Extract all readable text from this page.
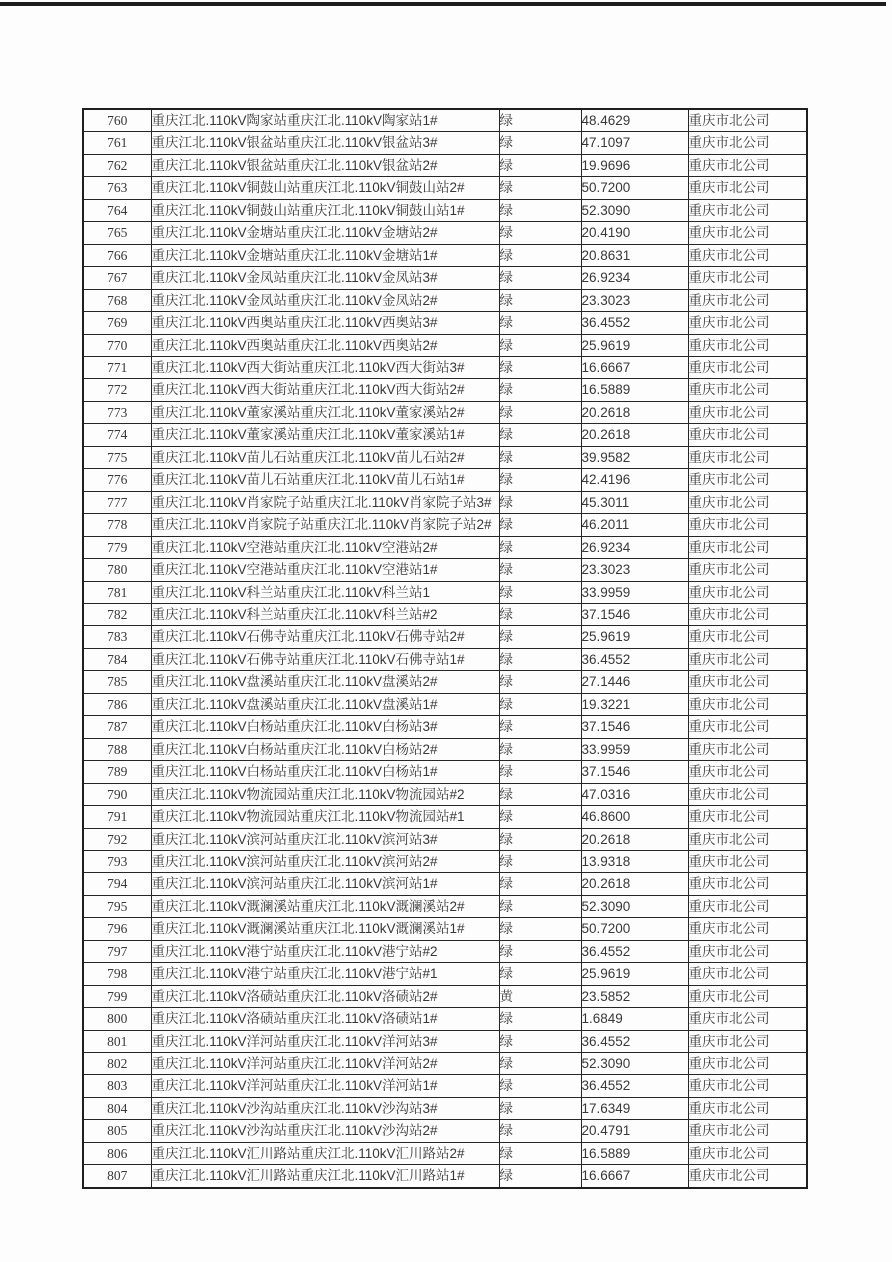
760	重庆江北.110kV陶家站重庆江北.110kV陶家站1#	绿	48.4629	重庆市北公司
761	重庆江北.110kV银盆站重庆江北.110kV银盆站3#	绿	47.1097	重庆市北公司
762	重庆江北.110kV银盆站重庆江北.110kV银盆站2#	绿	19.9696	重庆市北公司
763	重庆江北.110kV铜鼓山站重庆江北.110kV铜鼓山站2#	绿	50.7200	重庆市北公司
764	重庆江北.110kV铜鼓山站重庆江北.110kV铜鼓山站1#	绿	52.3090	重庆市北公司
765	重庆江北.110kV金塘站重庆江北.110kV金塘站2#	绿	20.4190	重庆市北公司
766	重庆江北.110kV金塘站重庆江北.110kV金塘站1#	绿	20.8631	重庆市北公司
767	重庆江北.110kV金凤站重庆江北.110kV金凤站3#	绿	26.9234	重庆市北公司
768	重庆江北.110kV金凤站重庆江北.110kV金凤站2#	绿	23.3023	重庆市北公司
769	重庆江北.110kV西奥站重庆江北.110kV西奥站3#	绿	36.4552	重庆市北公司
770	重庆江北.110kV西奥站重庆江北.110kV西奥站2#	绿	25.9619	重庆市北公司
771	重庆江北.110kV西大街站重庆江北.110kV西大街站3#	绿	16.6667	重庆市北公司
772	重庆江北.110kV西大街站重庆江北.110kV西大街站2#	绿	16.5889	重庆市北公司
773	重庆江北.110kV董家溪站重庆江北.110kV董家溪站2#	绿	20.2618	重庆市北公司
774	重庆江北.110kV董家溪站重庆江北.110kV董家溪站1#	绿	20.2618	重庆市北公司
775	重庆江北.110kV苗儿石站重庆江北.110kV苗儿石站2#	绿	39.9582	重庆市北公司
776	重庆江北.110kV苗儿石站重庆江北.110kV苗儿石站1#	绿	42.4196	重庆市北公司
777	重庆江北.110kV肖家院子站重庆江北.110kV肖家院子站3#	绿	45.3011	重庆市北公司
778	重庆江北.110kV肖家院子站重庆江北.110kV肖家院子站2#	绿	46.2011	重庆市北公司
779	重庆江北.110kV空港站重庆江北.110kV空港站2#	绿	26.9234	重庆市北公司
780	重庆江北.110kV空港站重庆江北.110kV空港站1#	绿	23.3023	重庆市北公司
781	重庆江北.110kV科兰站重庆江北.110kV科兰站1	绿	33.9959	重庆市北公司
782	重庆江北.110kV科兰站重庆江北.110kV科兰站#2	绿	37.1546	重庆市北公司
783	重庆江北.110kV石佛寺站重庆江北.110kV石佛寺站2#	绿	25.9619	重庆市北公司
784	重庆江北.110kV石佛寺站重庆江北.110kV石佛寺站1#	绿	36.4552	重庆市北公司
785	重庆江北.110kV盘溪站重庆江北.110kV盘溪站2#	绿	27.1446	重庆市北公司
786	重庆江北.110kV盘溪站重庆江北.110kV盘溪站1#	绿	19.3221	重庆市北公司
787	重庆江北.110kV白杨站重庆江北.110kV白杨站3#	绿	37.1546	重庆市北公司
788	重庆江北.110kV白杨站重庆江北.110kV白杨站2#	绿	33.9959	重庆市北公司
789	重庆江北.110kV白杨站重庆江北.110kV白杨站1#	绿	37.1546	重庆市北公司
790	重庆江北.110kV物流园站重庆江北.110kV物流园站#2	绿	47.0316	重庆市北公司
791	重庆江北.110kV物流园站重庆江北.110kV物流园站#1	绿	46.8600	重庆市北公司
792	重庆江北.110kV滨河站重庆江北.110kV滨河站3#	绿	20.2618	重庆市北公司
793	重庆江北.110kV滨河站重庆江北.110kV滨河站2#	绿	13.9318	重庆市北公司
794	重庆江北.110kV滨河站重庆江北.110kV滨河站1#	绿	20.2618	重庆市北公司
795	重庆江北.110kV溉澜溪站重庆江北.110kV溉澜溪站2#	绿	52.3090	重庆市北公司
796	重庆江北.110kV溉澜溪站重庆江北.110kV溉澜溪站1#	绿	50.7200	重庆市北公司
797	重庆江北.110kV港宁站重庆江北.110kV港宁站#2	绿	36.4552	重庆市北公司
798	重庆江北.110kV港宁站重庆江北.110kV港宁站#1	绿	25.9619	重庆市北公司
799	重庆江北.110kV洛碛站重庆江北.110kV洛碛站2#	黄	23.5852	重庆市北公司
800	重庆江北.110kV洛碛站重庆江北.110kV洛碛站1#	绿	1.6849	重庆市北公司
801	重庆江北.110kV洋河站重庆江北.110kV洋河站3#	绿	36.4552	重庆市北公司
802	重庆江北.110kV洋河站重庆江北.110kV洋河站2#	绿	52.3090	重庆市北公司
803	重庆江北.110kV洋河站重庆江北.110kV洋河站1#	绿	36.4552	重庆市北公司
804	重庆江北.110kV沙沟站重庆江北.110kV沙沟站3#	绿	17.6349	重庆市北公司
805	重庆江北.110kV沙沟站重庆江北.110kV沙沟站2#	绿	20.4791	重庆市北公司
806	重庆江北.110kV汇川路站重庆江北.110kV汇川路站2#	绿	16.5889	重庆市北公司
807	重庆江北.110kV汇川路站重庆江北.110kV汇川路站1#	绿	16.6667	重庆市北公司
